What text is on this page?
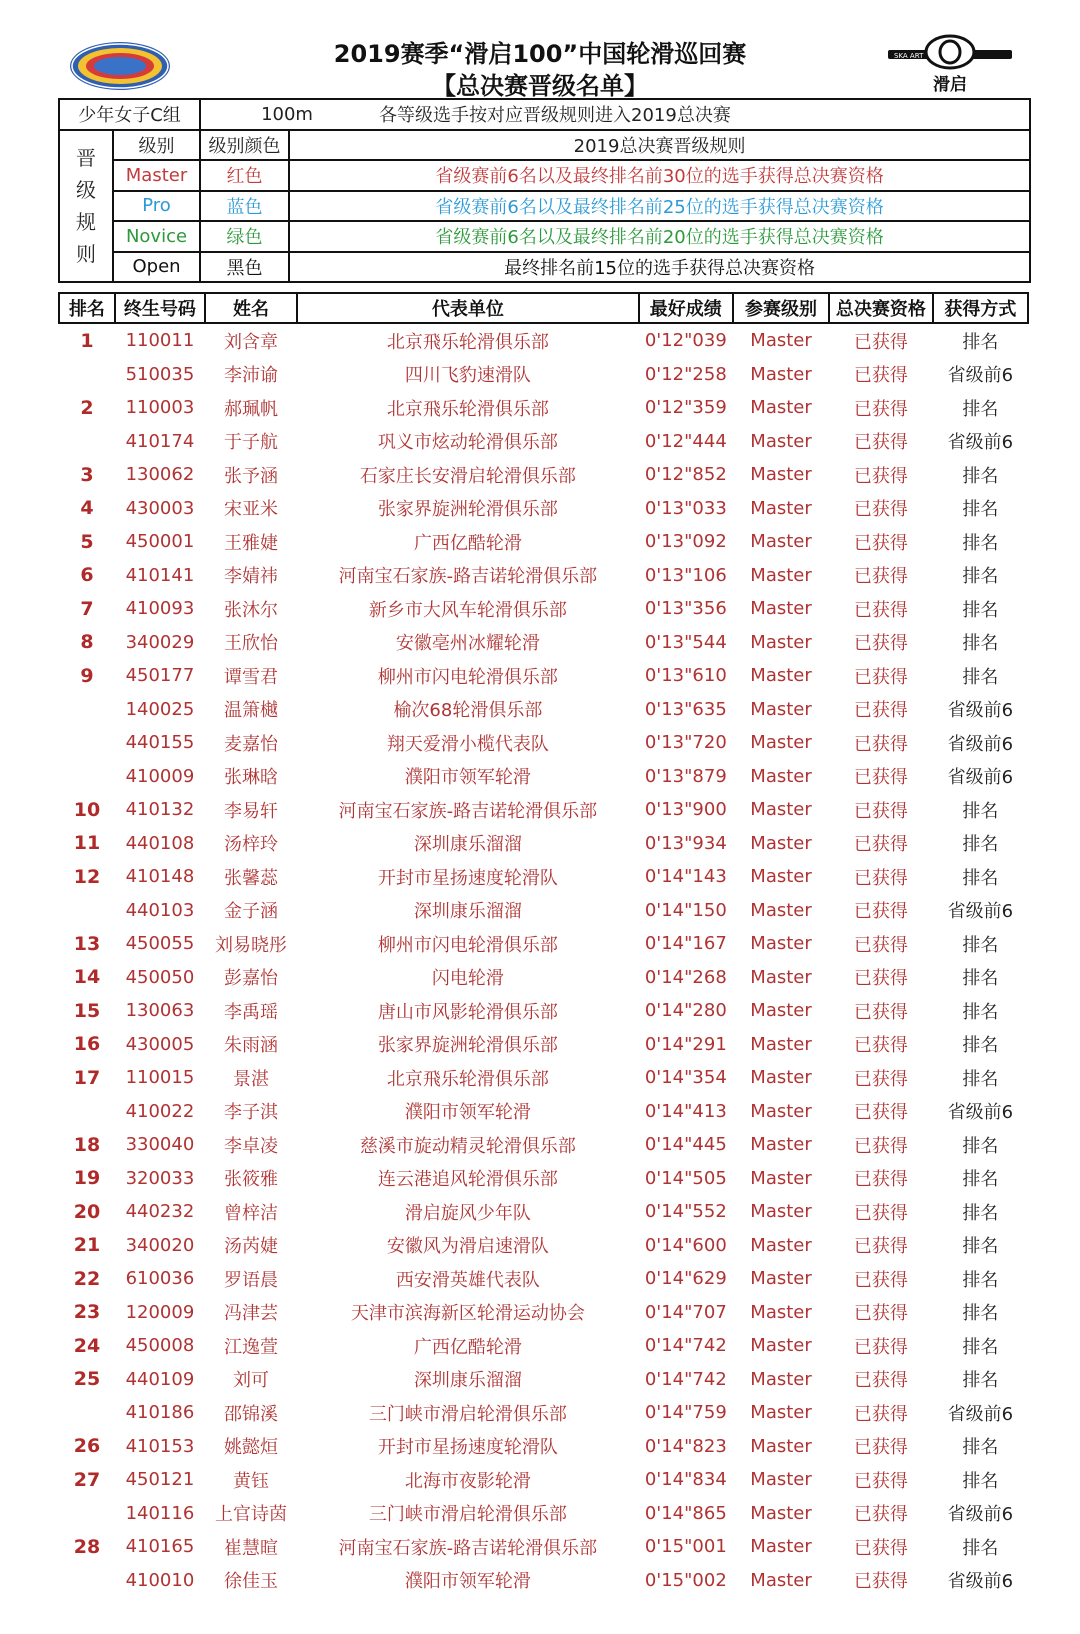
2019赛季“滑启100”中国轮滑巡回赛
【总决赛晋级名单】
SKA ART
滑启
少年女子C组		100m		各等级选手按对应晋级规则进入2019总决赛
晋
级
规
则	级别	级别颜色	2019总决赛晋级规则	
	Master	红色	省级赛前6名以及最终排名前30位的选手获得总决赛资格	
	Pro	蓝色	省级赛前6名以及最终排名前25位的选手获得总决赛资格	
	Novice	绿色	省级赛前6名以及最终排名前20位的选手获得总决赛资格	
	Open	黑色	最终排名前15位的选手获得总决赛资格	
排名	终生号码	姓名	代表单位	最好成绩	参赛级别	总决赛资格	获得方式
1	110011	刘含章	北京飛乐轮滑俱乐部	0'12"039	Master	已获得	排名
	510035	李沛谕	四川飞豹速滑队	0'12"258	Master	已获得	省级前6
2	110003	郝珮帆	北京飛乐轮滑俱乐部	0'12"359	Master	已获得	排名
	410174	于子航	巩义市炫动轮滑俱乐部	0'12"444	Master	已获得	省级前6
3	130062	张予涵	石家庄长安滑启轮滑俱乐部	0'12"852	Master	已获得	排名
4	430003	宋亚米	张家界旋洲轮滑俱乐部	0'13"033	Master	已获得	排名
5	450001	王雅婕	广西亿酷轮滑	0'13"092	Master	已获得	排名
6	410141	李婧祎	河南宝石家族-路吉诺轮滑俱乐部	0'13"106	Master	已获得	排名
7	410093	张沐尔	新乡市大风车轮滑俱乐部	0'13"356	Master	已获得	排名
8	340029	王欣怡	安徽亳州冰耀轮滑	0'13"544	Master	已获得	排名
9	450177	谭雪君	柳州市闪电轮滑俱乐部	0'13"610	Master	已获得	排名
	140025	温箫樾	榆次68轮滑俱乐部	0'13"635	Master	已获得	省级前6
	440155	麦嘉怡	翔天爱滑小榄代表队	0'13"720	Master	已获得	省级前6
	410009	张琳晗	濮阳市领军轮滑	0'13"879	Master	已获得	省级前6
10	410132	李易轩	河南宝石家族-路吉诺轮滑俱乐部	0'13"900	Master	已获得	排名
11	440108	汤梓玲	深圳康乐溜溜	0'13"934	Master	已获得	排名
12	410148	张馨蕊	开封市星扬速度轮滑队	0'14"143	Master	已获得	排名
	440103	金子涵	深圳康乐溜溜	0'14"150	Master	已获得	省级前6
13	450055	刘易晓彤	柳州市闪电轮滑俱乐部	0'14"167	Master	已获得	排名
14	450050	彭嘉怡	闪电轮滑	0'14"268	Master	已获得	排名
15	130063	李禹瑶	唐山市风影轮滑俱乐部	0'14"280	Master	已获得	排名
16	430005	朱雨涵	张家界旋洲轮滑俱乐部	0'14"291	Master	已获得	排名
17	110015	景湛	北京飛乐轮滑俱乐部	0'14"354	Master	已获得	排名
	410022	李子淇	濮阳市领军轮滑	0'14"413	Master	已获得	省级前6
18	330040	李卓凌	慈溪市旋动精灵轮滑俱乐部	0'14"445	Master	已获得	排名
19	320033	张筱雅	连云港追风轮滑俱乐部	0'14"505	Master	已获得	排名
20	440232	曾梓洁	滑启旋风少年队	0'14"552	Master	已获得	排名
21	340020	汤芮婕	安徽风为滑启速滑队	0'14"600	Master	已获得	排名
22	610036	罗语晨	西安滑英雄代表队	0'14"629	Master	已获得	排名
23	120009	冯津芸	天津市滨海新区轮滑运动协会	0'14"707	Master	已获得	排名
24	450008	江逸萱	广西亿酷轮滑	0'14"742	Master	已获得	排名
25	440109	刘可	深圳康乐溜溜	0'14"742	Master	已获得	排名
	410186	邵锦溪	三门峡市滑启轮滑俱乐部	0'14"759	Master	已获得	省级前6
26	410153	姚懿烜	开封市星扬速度轮滑队	0'14"823	Master	已获得	排名
27	450121	黄钰	北海市夜影轮滑	0'14"834	Master	已获得	排名
	140116	上官诗茵	三门峡市滑启轮滑俱乐部	0'14"865	Master	已获得	省级前6
28	410165	崔慧暄	河南宝石家族-路吉诺轮滑俱乐部	0'15"001	Master	已获得	排名
	410010	徐佳玉	濮阳市领军轮滑	0'15"002	Master	已获得	省级前6
